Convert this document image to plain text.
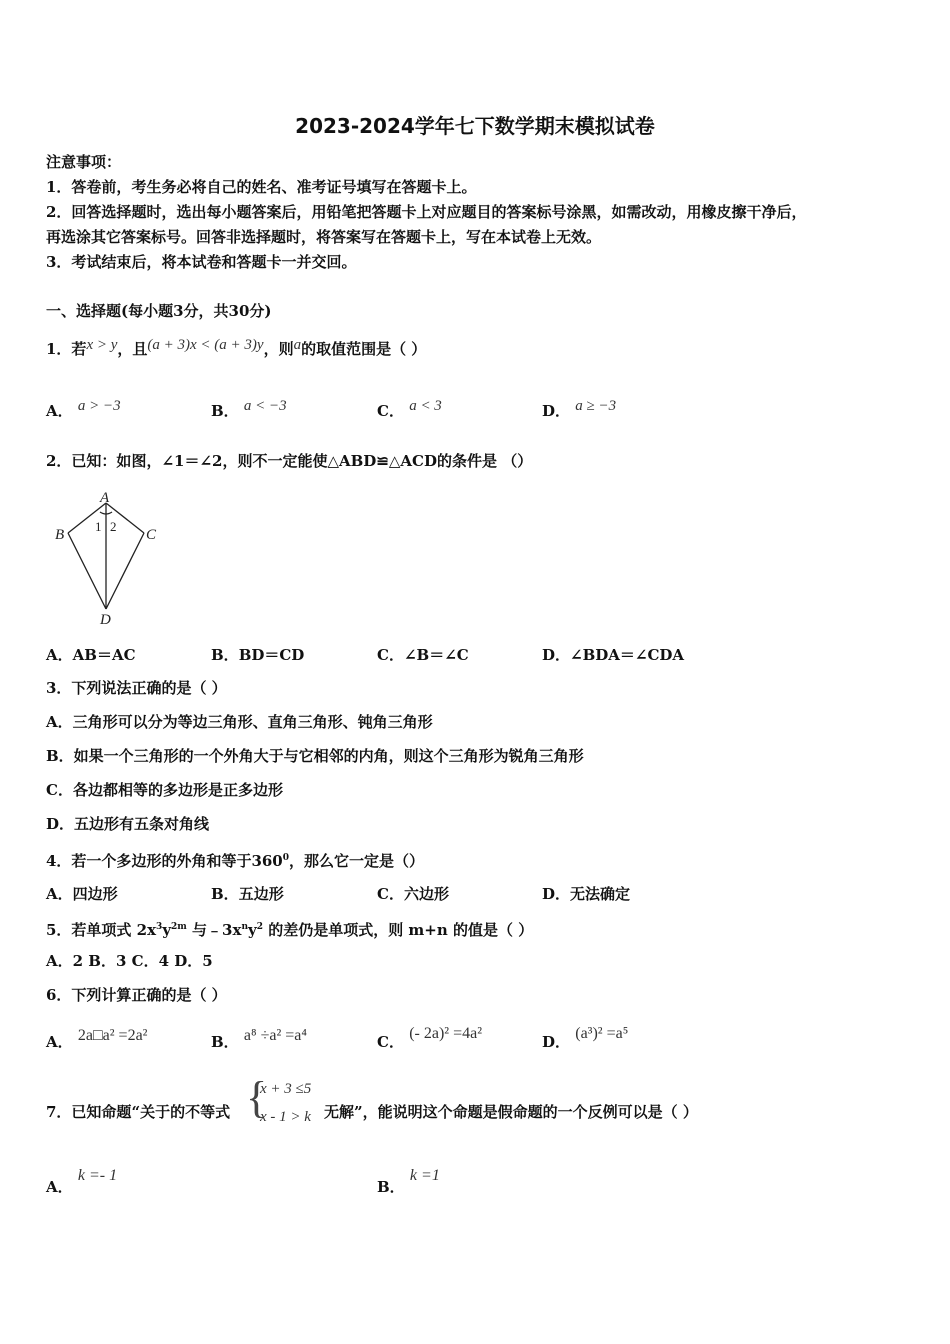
2023-2024学年七下数学期末模拟试卷
注意事项：
1．答卷前，考生务必将自己的姓名、准考证号填写在答题卡上。
2．回答选择题时，选出每小题答案后，用铅笔把答题卡上对应题目的答案标号涂黑，如需改动，用橡皮擦干净后，
再选涂其它答案标号。回答非选择题时，将答案写在答题卡上，写在本试卷上无效。
3．考试结束后，将本试卷和答题卡一并交回。
一、选择题(每小题3分，共30分)
1．若x > y，且(a + 3)x < (a + 3)y，则a的取值范围是（ ）
A． a > −3	B． a < −3	C． a < 3	D． a ≥ −3
2．已知：如图，∠1＝∠2，则不一定能使△ABD≌△ACD的条件是 （）
A
B	C
D
1 2
A．AB＝AC	B．BD＝CD	C．∠B＝∠C	D．∠BDA＝∠CDA
3．下列说法正确的是（ ）
A．三角形可以分为等边三角形、直角三角形、钝角三角形
B．如果一个三角形的一个外角大于与它相邻的内角，则这个三角形为锐角三角形
C．各边都相等的多边形是正多边形
D．五边形有五条对角线
4．若一个多边形的外角和等于$360^0$，那么它一定是（）
A．四边形	B．五边形	C．六边形	D．无法确定
5．若单项式 $2x^3y^{2m}$ 与$﹣3x^ny^2$ 的差仍是单项式，则 m+n 的值是（ ）
A．2 B．3 C．4 D．5
6．下列计算正确的是（ ）
A． 2a□a² =2a²	B． a⁸ ÷a² =a⁴	C． (- 2a)² =4a²	D． (a³)² =a⁵
7．已知命题“关于的不等式 {
x + 3 ≤5
x - 1 > k 无解”，能说明这个命题是假命题的一个反例可以是（ ）
A． k =- 1
B． k =1
